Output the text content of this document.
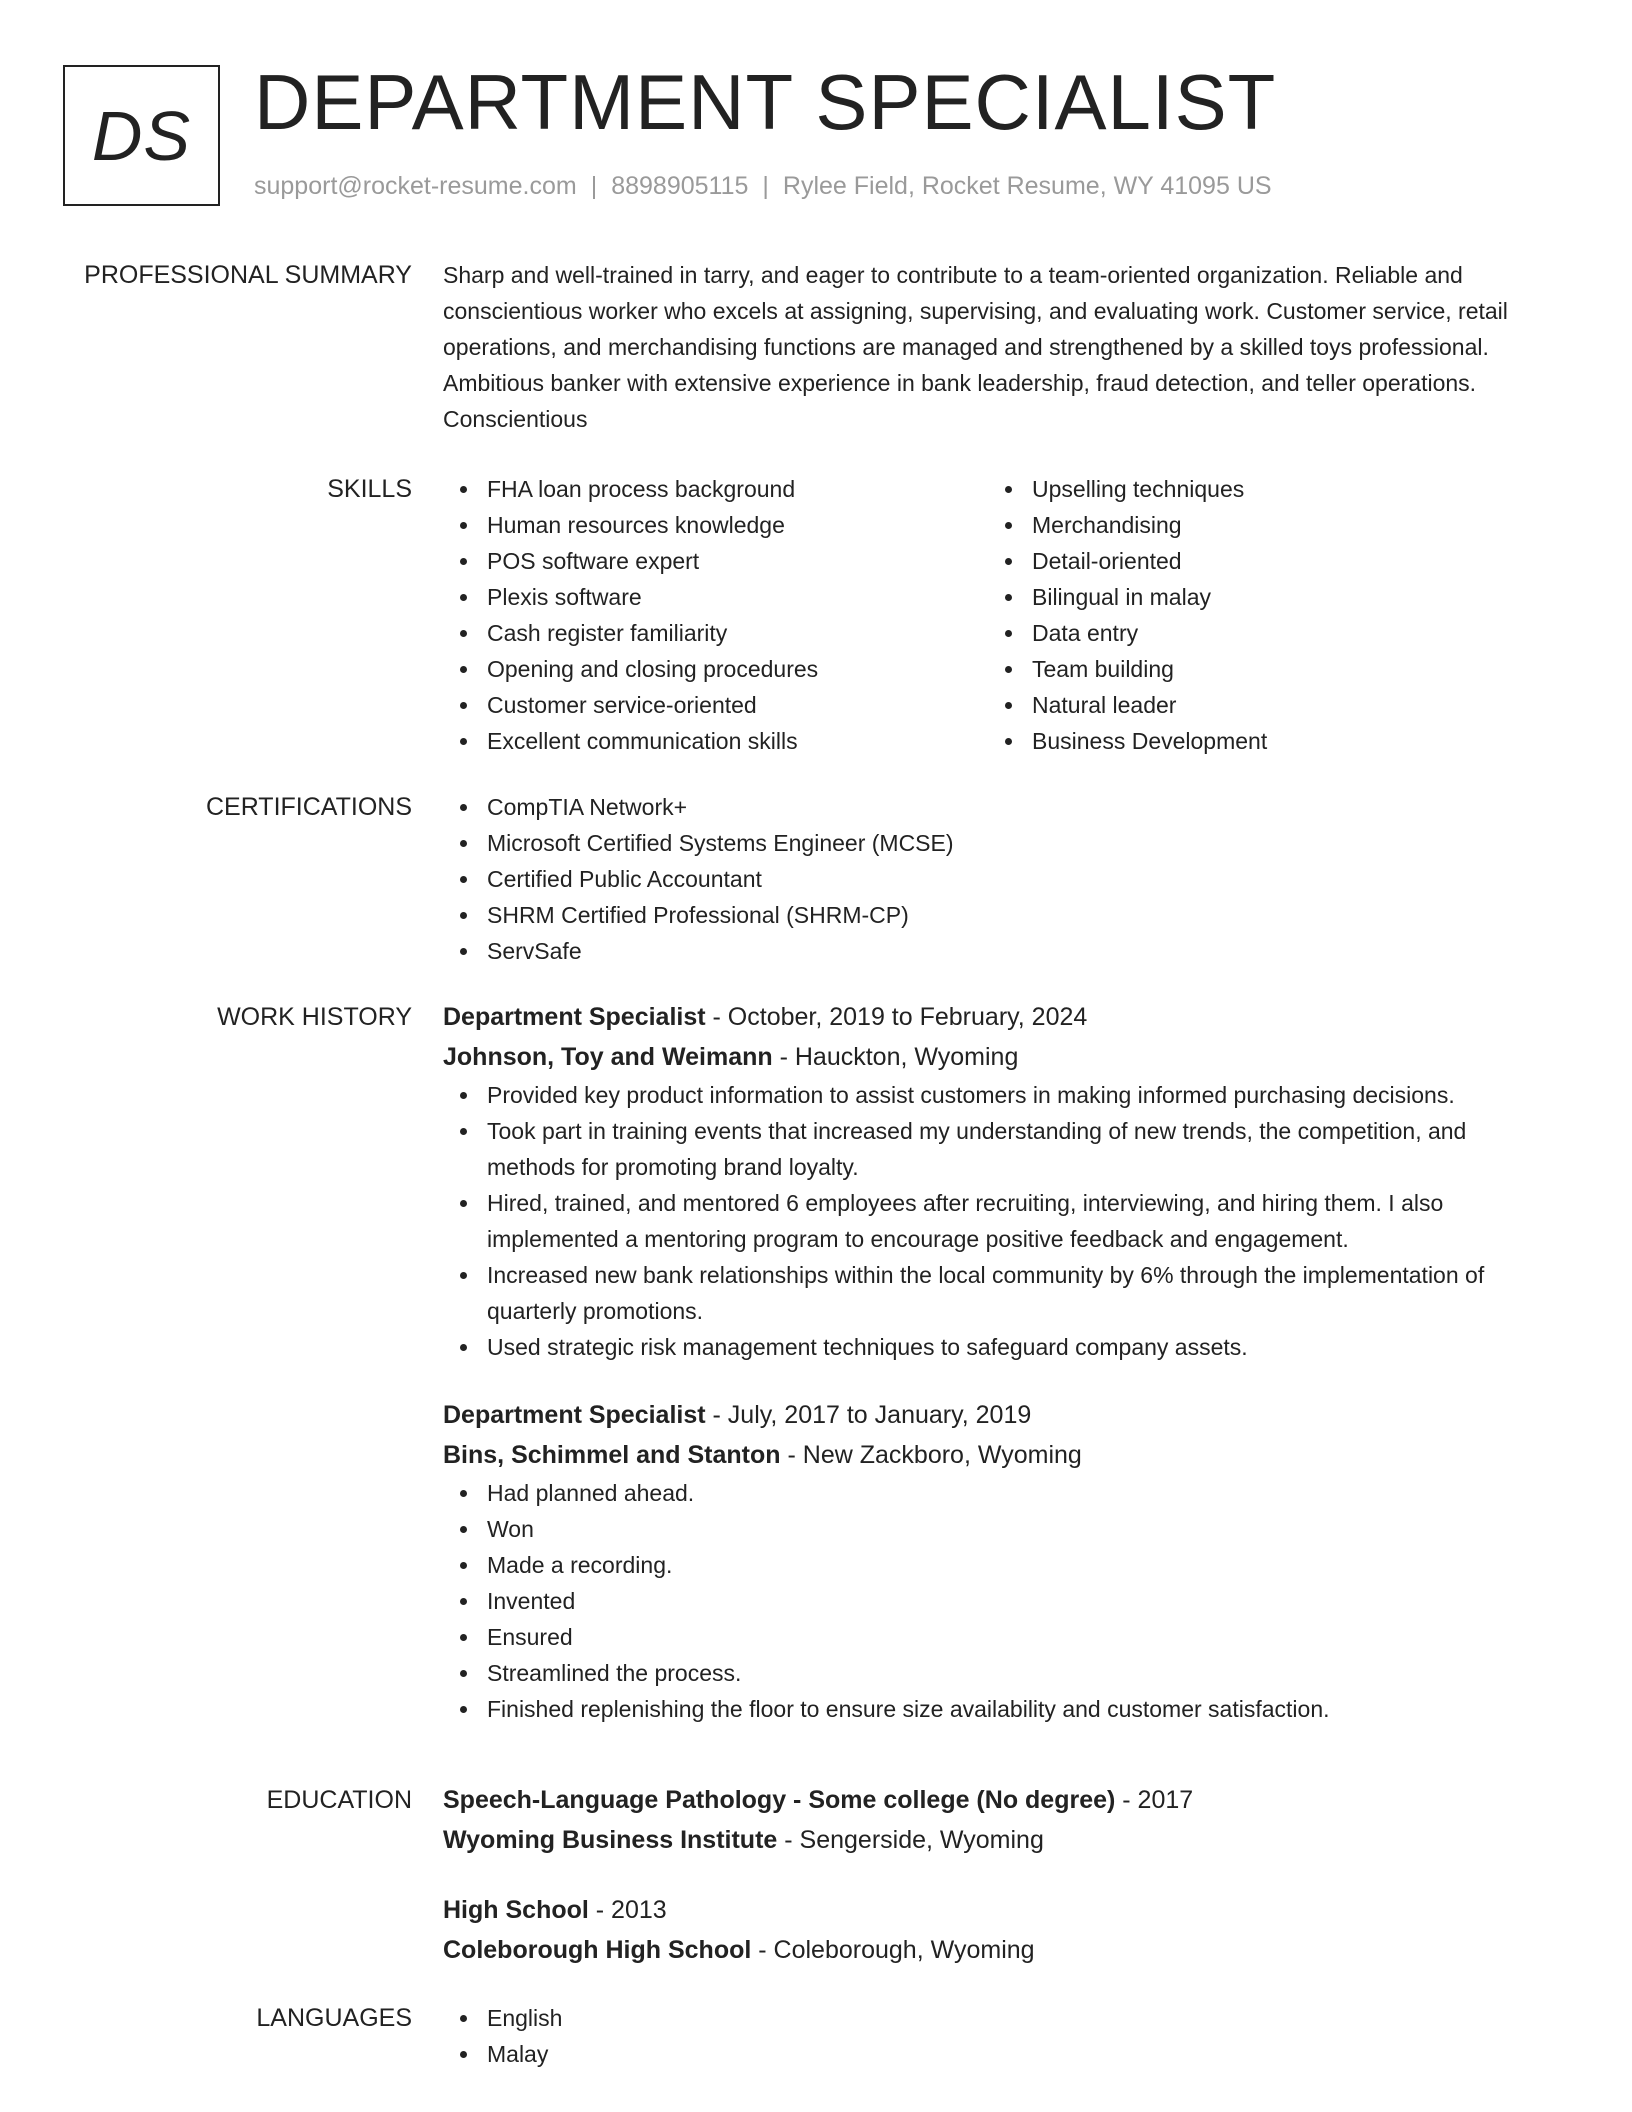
DS DEPARTMENT SPECIALIST
support@rocket-resume.com | 8898905115 | Rylee Field, Rocket Resume, WY 41095 US
PROFESSIONAL SUMMARY Sharp and well-trained in tarry, and eager to contribute to a team-oriented organization. Reliable and conscientious worker who excels at assigning, supervising, and evaluating work. Customer service, retail operations, and merchandising functions are managed and strengthened by a skilled toys professional. Ambitious banker with extensive experience in bank leadership, fraud detection, and teller operations. Conscientious

SKILLS	FHA loan process background
Human resources knowledge
POS software expert
Plexis software
Cash register familiarity
Opening and closing procedures
Customer service-oriented
Excellent communication skills
Upselling techniques
Merchandising
Detail-oriented
Bilingual in malay
Data entry
Team building
Natural leader
Business Development
CERTIFICATIONS	CompTIA Network+
Microsoft Certified Systems Engineer (MCSE)
Certified Public Accountant
SHRM Certified Professional (SHRM-CP)
ServSafe
WORK HISTORY Department Specialist - October, 2019 to February, 2024
Johnson, Toy and Weimann - Hauckton, Wyoming
Provided key product information to assist customers in making informed purchasing decisions.
Took part in training events that increased my understanding of new trends, the competition, and methods for promoting brand loyalty.
Hired, trained, and mentored 6 employees after recruiting, interviewing, and hiring them. I also implemented a mentoring program to encourage positive feedback and engagement.
Increased new bank relationships within the local community by 6% through the implementation of quarterly promotions.
Used strategic risk management techniques to safeguard company assets.
Department Specialist - July, 2017 to January, 2019
Bins, Schimmel and Stanton - New Zackboro, Wyoming
Had planned ahead.
Won
Made a recording.
Invented
Ensured
Streamlined the process.
Finished replenishing the floor to ensure size availability and customer satisfaction.
EDUCATION Speech-Language Pathology - Some college (No degree) - 2017
Wyoming Business Institute - Sengerside, Wyoming
High School - 2013
Coleborough High School - Coleborough, Wyoming
LANGUAGES	English
Malay
